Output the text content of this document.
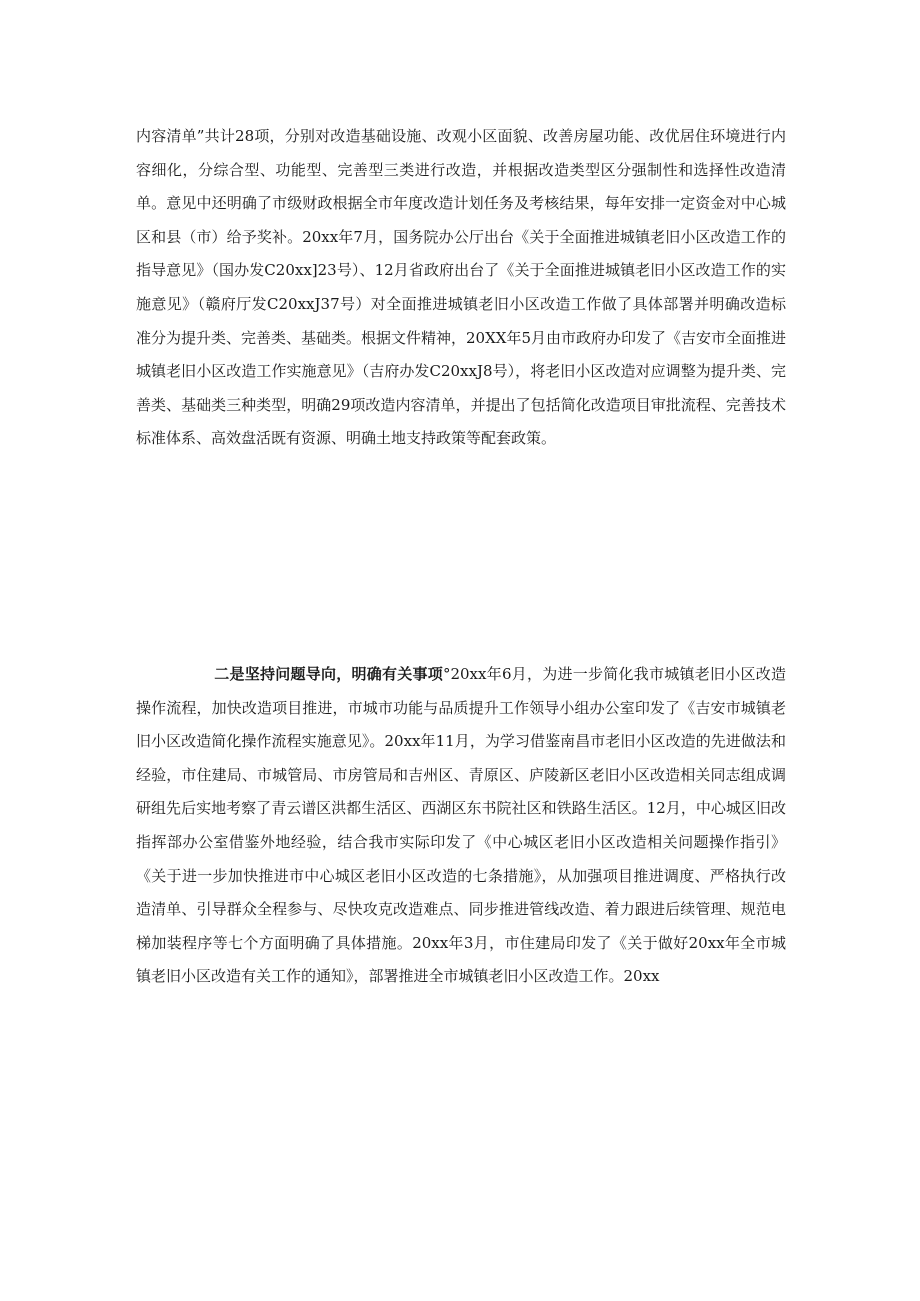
内容清单”共计28项，分别对改造基础设施、改观小区面貌、改善房屋功能、改优居住环境进行内容细化，分综合型、功能型、完善型三类进行改造，并根据改造类型区分强制性和选择性改造清单。意见中还明确了市级财政根据全市年度改造计划任务及考核结果，每年安排一定资金对中心城区和县（市）给予奖补。20xx年7月，国务院办公厅出台《关于全面推进城镇老旧小区改造工作的指导意见》（国办发C20xx]23号）、12月省政府出台了《关于全面推进城镇老旧小区改造工作的实施意见》（赣府厅发C20xxJ37号）对全面推进城镇老旧小区改造工作做了具体部署并明确改造标准分为提升类、完善类、基础类。根据文件精神，20XX年5月由市政府办印发了《吉安市全面推进城镇老旧小区改造工作实施意见》（吉府办发C20xxJ8号），将老旧小区改造对应调整为提升类、完善类、基础类三种类型，明确29项改造内容清单，并提出了包括简化改造项目审批流程、完善技术标准体系、高效盘活既有资源、明确土地支持政策等配套政策。

二是坚持问题导向，明确有关事项°20xx年6月，为进一步简化我市城镇老旧小区改造操作流程，加快改造项目推进，市城市功能与品质提升工作领导小组办公室印发了《吉安市城镇老旧小区改造简化操作流程实施意见》。20xx年11月，为学习借鉴南昌市老旧小区改造的先进做法和经验，市住建局、市城管局、市房管局和吉州区、青原区、庐陵新区老旧小区改造相关同志组成调研组先后实地考察了青云谱区洪都生活区、西湖区东书院社区和铁路生活区。12月，中心城区旧改指挥部办公室借鉴外地经验，结合我市实际印发了《中心城区老旧小区改造相关问题操作指引》《关于进一步加快推进市中心城区老旧小区改造的七条措施》，从加强项目推进调度、严格执行改造清单、引导群众全程参与、尽快攻克改造难点、同步推进管线改造、着力跟进后续管理、规范电梯加装程序等七个方面明确了具体措施。20xx年3月，市住建局印发了《关于做好20xx年全市城镇老旧小区改造有关工作的通知》，部署推进全市城镇老旧小区改造工作。20xx
